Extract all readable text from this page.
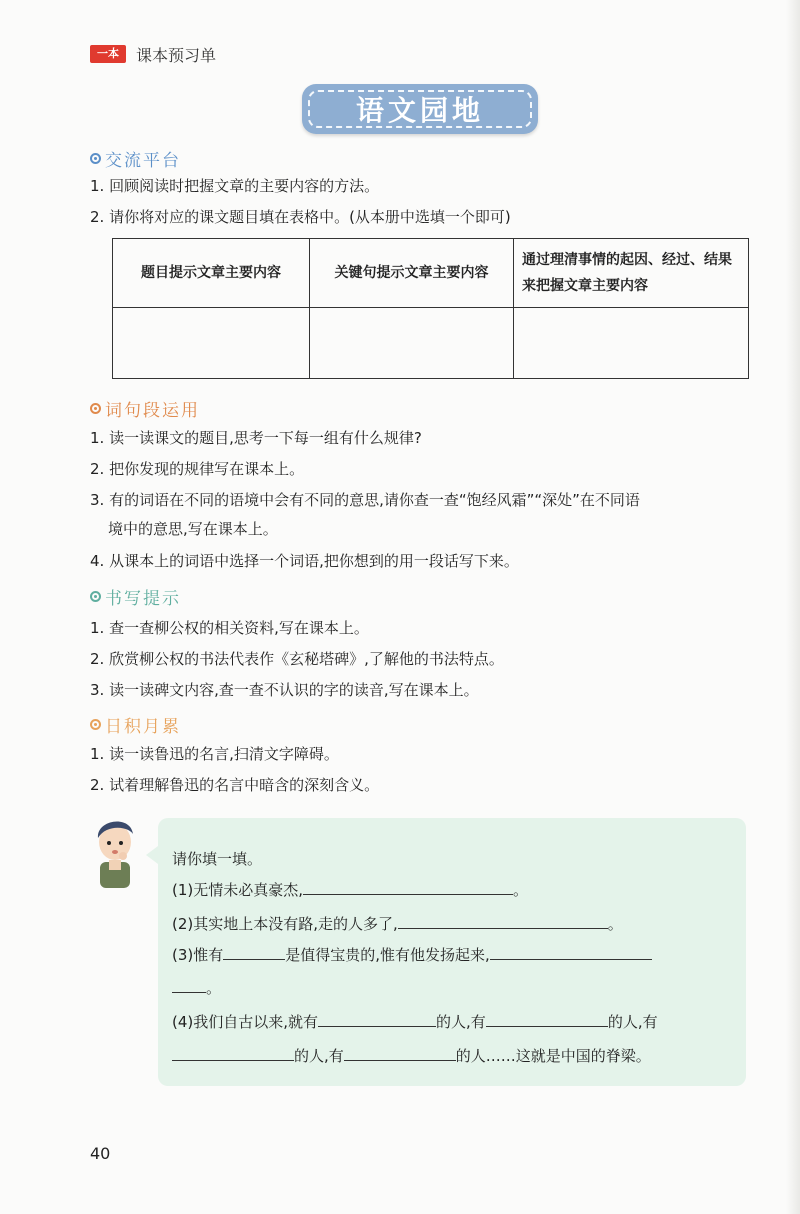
一本	课本预习单
语文园地
交流平台
1. 回顾阅读时把握文章的主要内容的方法。
2. 请你将对应的课文题目填在表格中。(从本册中选填一个即可)
题目提示文章主要内容	关键句提示文章主要内容	通过理清事情的起因、经过、结果来把握文章主要内容

词句段运用
1. 读一读课文的题目,思考一下每一组有什么规律?
2. 把你发现的规律写在课本上。
3. 有的词语在不同的语境中会有不同的意思,请你查一查“饱经风霜”“深处”在不同语
境中的意思,写在课本上。
4. 从课本上的词语中选择一个词语,把你想到的用一段话写下来。
书写提示
1. 查一查柳公权的相关资料,写在课本上。
2. 欣赏柳公权的书法代表作《玄秘塔碑》,了解他的书法特点。
3. 读一读碑文内容,查一查不认识的字的读音,写在课本上。
日积月累
1. 读一读鲁迅的名言,扫清文字障碍。
2. 试着理解鲁迅的名言中暗含的深刻含义。
请你填一填。
(1)无情未必真豪杰,	。
(2)其实地上本没有路,走的人多了,	。
(3)惟有	是值得宝贵的,惟有他发扬起来,
。
(4)我们自古以来,就有	的人,有	的人,有
的人,有	的人……这就是中国的脊梁。
40
